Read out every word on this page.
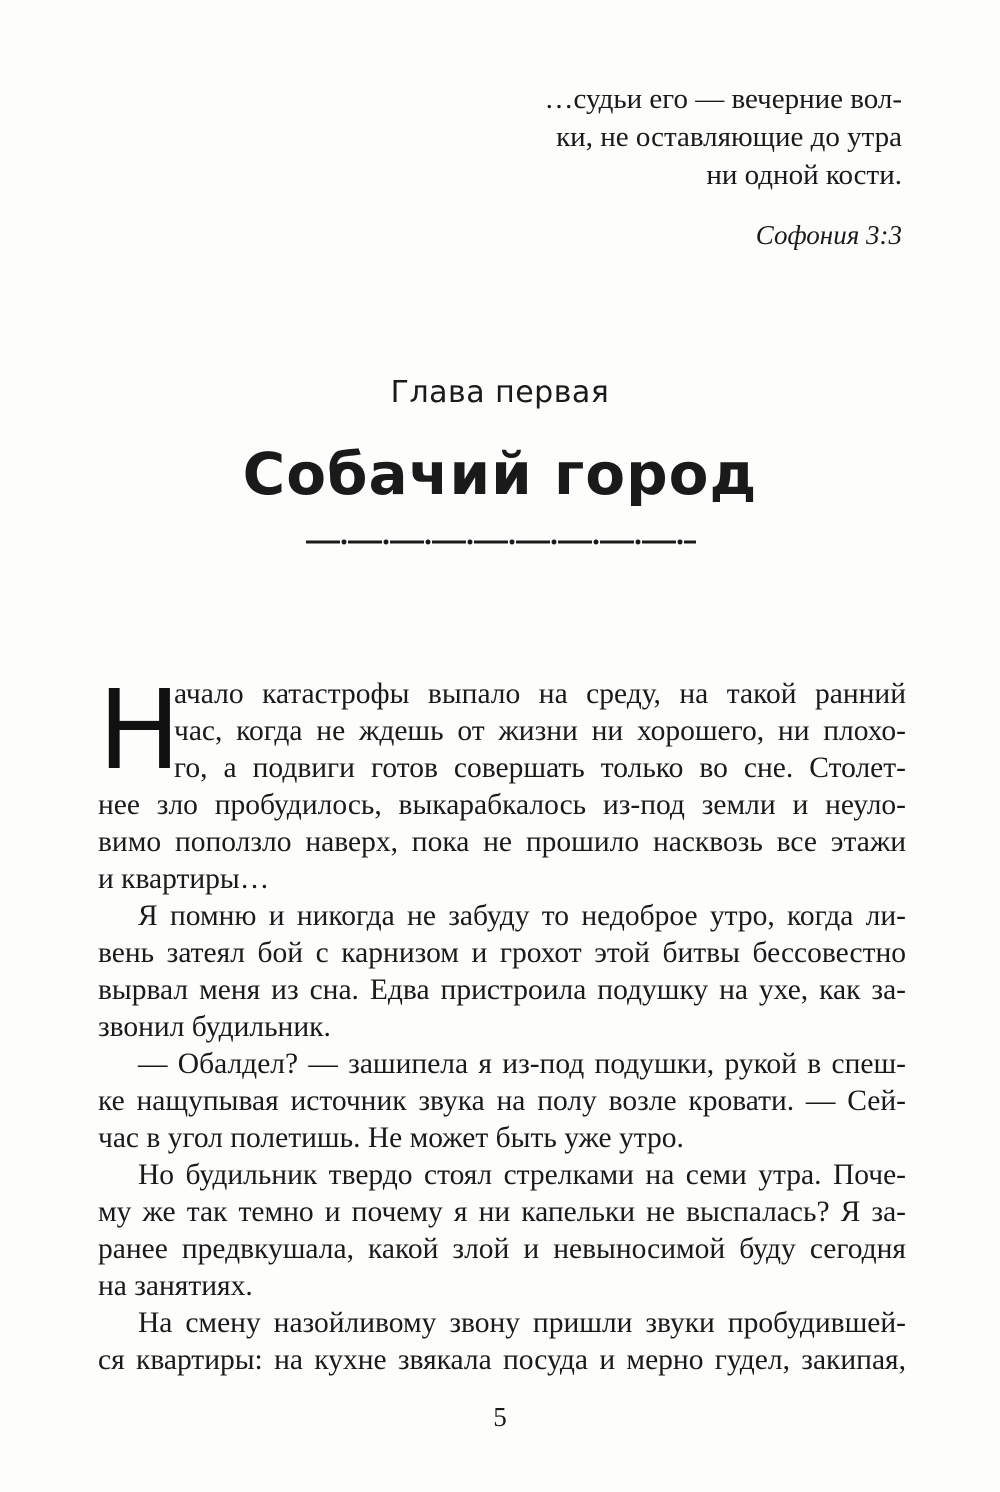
…судьи его — вечерние вол-
ки, не оставляющие до утра
ни одной кости.
Софония 3:3
Глава первая
Собачий город

Н
ачало катастрофы выпало на среду, на такой ранний
час, когда не ждешь от жизни ни хорошего, ни плохо-
го, а подвиги готов совершать только во сне. Столет-
нее зло пробудилось, выкарабкалось из-под земли и неуло-
вимо поползло наверх, пока не прошило насквозь все этажи
и квартиры…

Я помню и никогда не забуду то недоброе утро, когда ли-
вень затеял бой с карнизом и грохот этой битвы бессовестно
вырвал меня из сна. Едва пристроила подушку на ухе, как за-
звонил будильник.

— Обалдел? — зашипела я из-под подушки, рукой в спеш-
ке нащупывая источник звука на полу возле кровати. — Сей-
час в угол полетишь. Не может быть уже утро.

Но будильник твердо стоял стрелками на семи утра. Поче-
му же так темно и почему я ни капельки не выспалась? Я за-
ранее предвкушала, какой злой и невыносимой буду сегодня
на занятиях.

На смену назойливому звону пришли звуки пробудившей-
ся квартиры: на кухне звякала посуда и мерно гудел, закипая,

5
